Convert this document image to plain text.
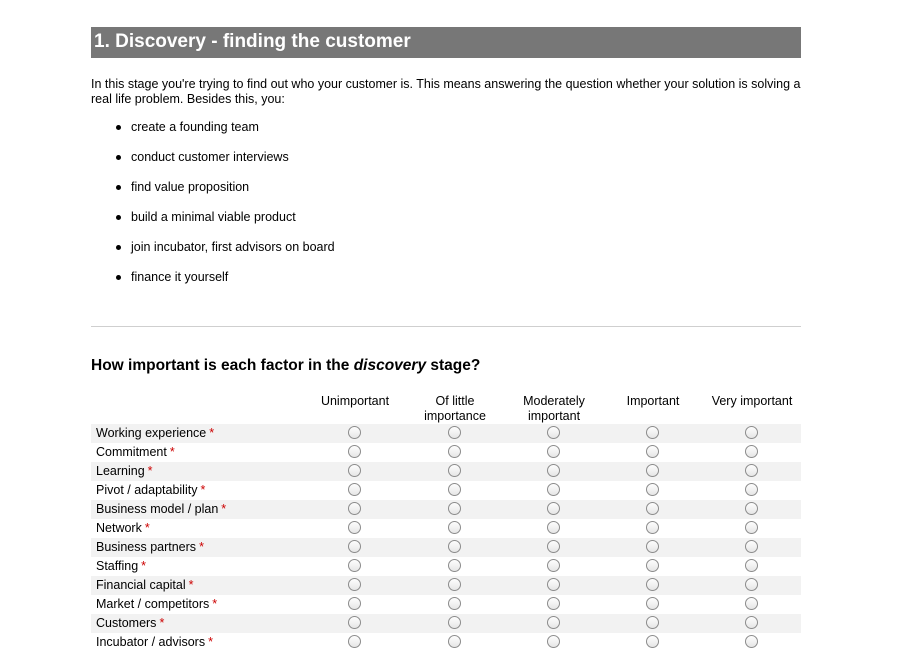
1. Discovery - finding the customer

In this stage you're trying to find out who your customer is. This means answering the question whether your solution is solving a real life problem. Besides this, you:

create a founding team
conduct customer interviews
find value proposition
build a minimal viable product
join incubator, first advisors on board
finance it yourself
How important is each factor in the discovery stage?
Unimportant	Of little importance
Moderately important
Important	Very important
Working experience *
Commitment *
Learning *
Pivot / adaptability *
Business model / plan *
Network *
Business partners *
Staffing *
Financial capital *
Market / competitors *
Customers *
Incubator / advisors *
